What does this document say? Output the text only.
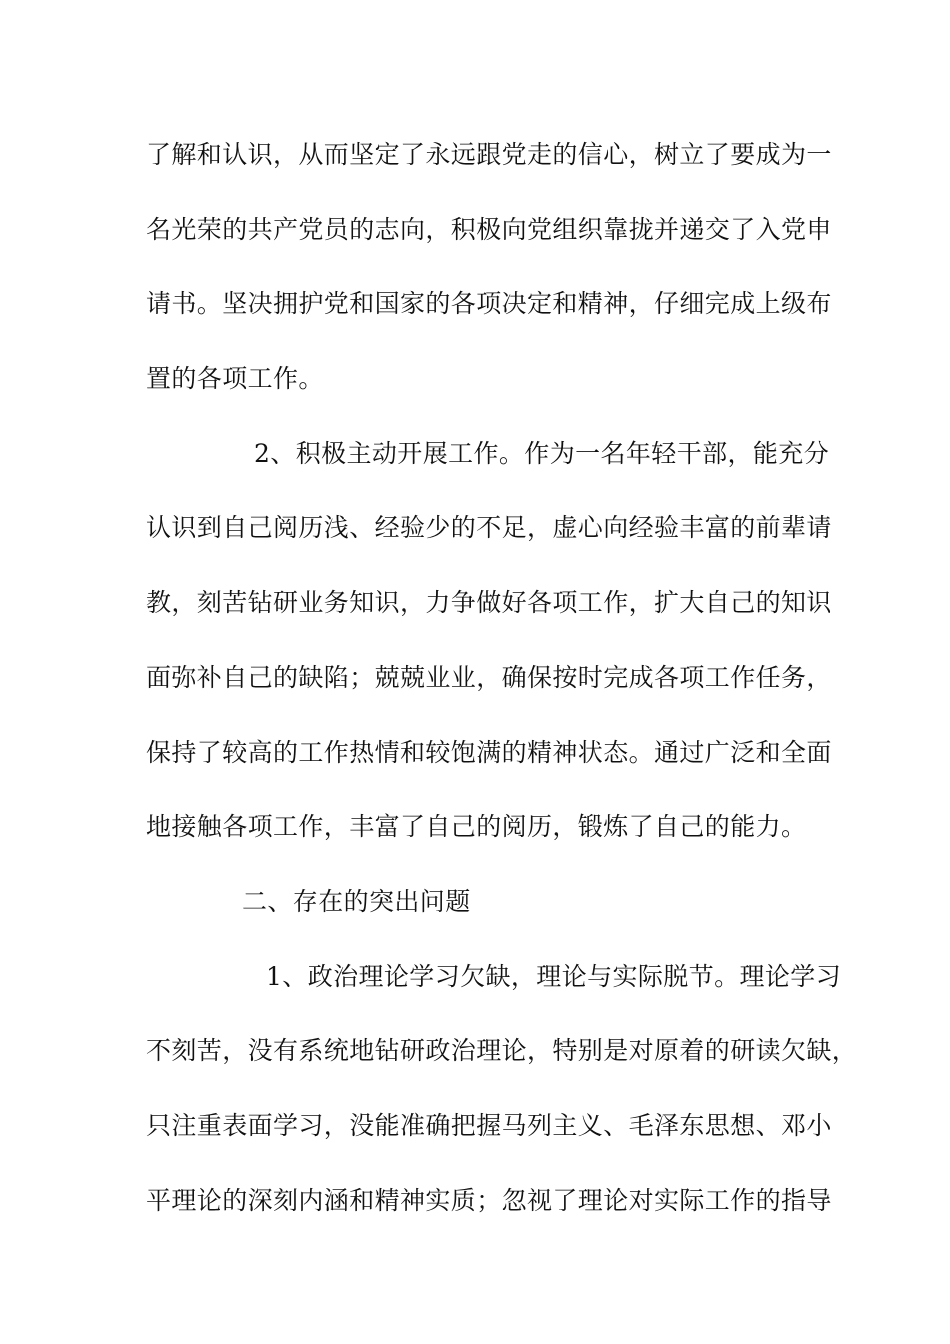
了解和认识，从而坚定了永远跟党走的信心，树立了要成为一
名光荣的共产党员的志向，积极向党组织靠拢并递交了入党申
请书。坚决拥护党和国家的各项决定和精神，仔细完成上级布
置的各项工作。
2、积极主动开展工作。作为一名年轻干部，能充分
认识到自己阅历浅、经验少的不足，虚心向经验丰富的前辈请
教，刻苦钻研业务知识，力争做好各项工作，扩大自己的知识
面弥补自己的缺陷；兢兢业业，确保按时完成各项工作任务，
保持了较高的工作热情和较饱满的精神状态。通过广泛和全面
地接触各项工作，丰富了自己的阅历，锻炼了自己的能力。
二、存在的突出问题
1、政治理论学习欠缺，理论与实际脱节。理论学习
不刻苦，没有系统地钻研政治理论，特别是对原着的研读欠缺，
只注重表面学习，没能准确把握马列主义、毛泽东思想、邓小
平理论的深刻内涵和精神实质；忽视了理论对实际工作的指导
